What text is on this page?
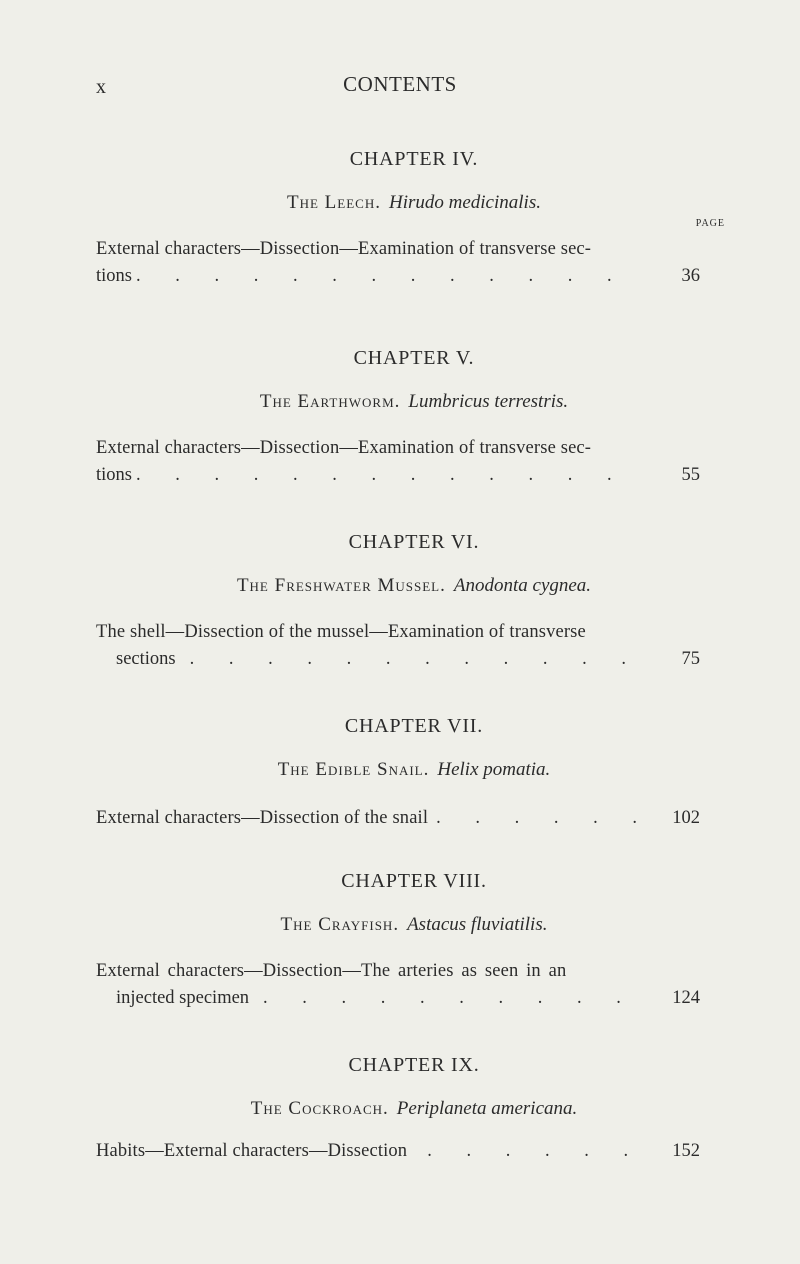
x	CONTENTS
CHAPTER IV.
The Leech. Hirudo medicinalis.
PAGE
External characters—Dissection—Examination of transverse sec-
tions . . . . . . . . . . . . .	36
CHAPTER V.
The Earthworm. Lumbricus terrestris.
External characters—Dissection—Examination of transverse sec-
tions . . . . . . . . . . . . .	55
CHAPTER VI.
The Freshwater Mussel. Anodonta cygnea.
The shell—Dissection of the mussel—Examination of transverse
sections . . . . . . . . . . . .	75
CHAPTER VII.
The Edible Snail. Helix pomatia.
External characters—Dissection of the snail . . . . . . 102
CHAPTER VIII.
The Crayfish. Astacus fluviatilis.
External characters—Dissection—The arteries as seen in an
injected specimen . . . . . . . . . .	124
CHAPTER IX.
The Cockroach. Periplaneta americana.
Habits—External characters—Dissection . . . . . .	152
